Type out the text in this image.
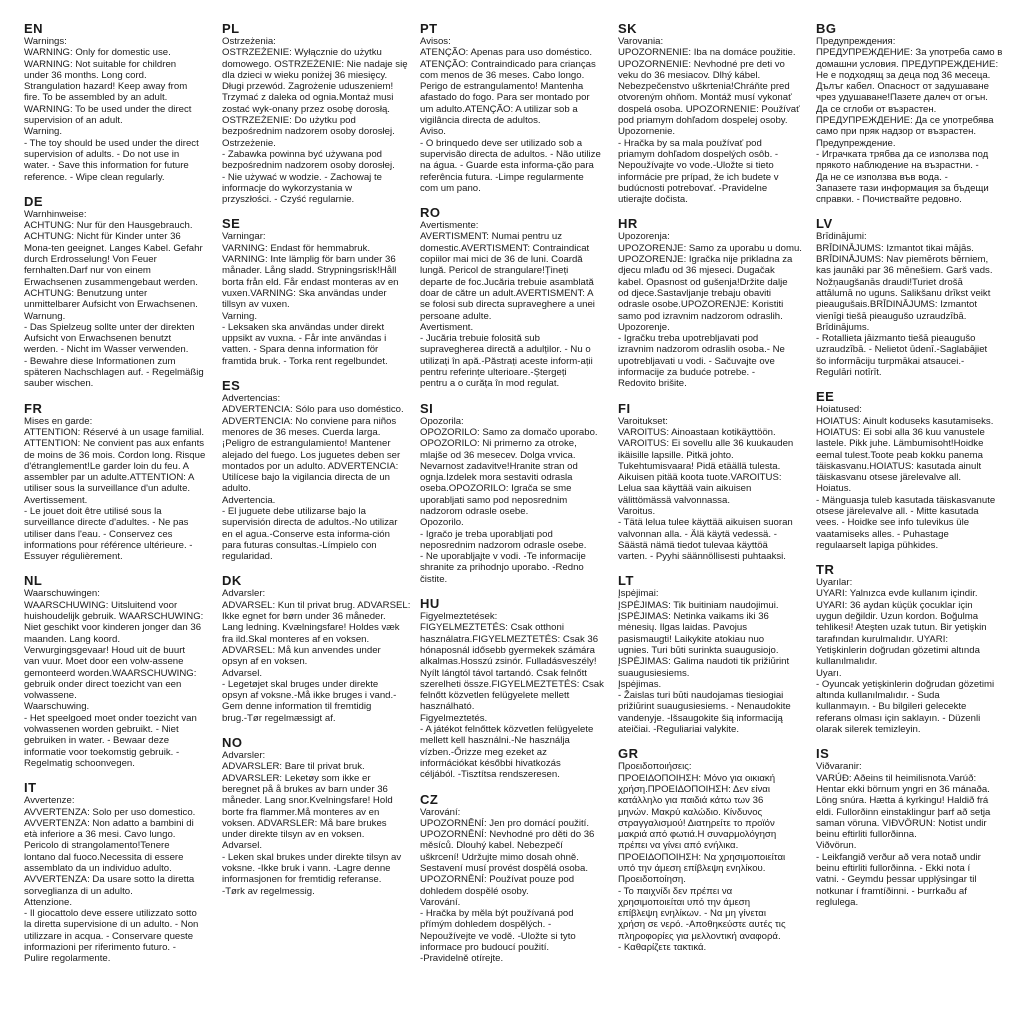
EN
Warnings:
WARNING: Only for domestic use.
WARNING: Not suitable for children
under 36 months. Long cord.
Strangulation hazard! Keep away from
fire. To be assembled by an adult.
WARNING: To be used under the direct
supervision of an adult.
Warning.
- The toy should be used under the direct
supervision of adults. - Do not use in
water. - Save this information for future
reference. - Wipe clean regularly.
DE
Warnhinweise:
ACHTUNG: Nur für den Hausgebrauch.
ACHTUNG: Nicht für Kinder unter 36
Mona-ten geeignet. Langes Kabel. Gefahr
durch Erdrosselung! Von Feuer
fernhalten.Darf nur von einem
Erwachsenen zusammengebaut werden.
ACHTUNG: Benutzung unter
unmittelbarer Aufsicht von Erwachsenen.
Warnung.
- Das Spielzeug sollte unter der direkten
Aufsicht von Erwachsenen benutzt
werden. - Nicht im Wasser verwenden.
- Bewahre diese Informationen zum
späteren Nachschlagen auf. - Regelmäßig
sauber wischen.
FR
Mises en garde:
ATTENTION: Réservé à un usage familial.
ATTENTION: Ne convient pas aux enfants
de moins de 36 mois. Cordon long. Risque
d'étranglement!Le garder loin du feu. A
assembler par un adulte.ATTENTION: A
utiliser sous la surveillance d'un adulte.
Avertissement.
- Le jouet doit être utilisé sous la
surveillance directe d'adultes. - Ne pas
utiliser dans l'eau. - Conservez ces
informations pour référence ultérieure. -
Essuyer régulièrement.
NL
Waarschuwingen:
WAARSCHUWING: Uitsluitend voor
huishoudelijk gebruik. WAARSCHUWING:
Niet geschikt voor kinderen jonger dan 36
maanden. Lang koord.
Verwurgingsgevaar! Houd uit de buurt
van vuur. Moet door een volw-assene
gemonteerd worden.WAARSCHUWING:
gebruik onder direct toezicht van een
volwassene.
Waarschuwing.
- Het speelgoed moet onder toezicht van
volwassenen worden gebruikt. - Niet
gebruiken in water. - Bewaar deze
informatie voor toekomstig gebruik. -
Regelmatig schoonvegen.
IT
Avvertenze:
AVVERTENZA: Solo per uso domestico.
AVVERTENZA: Non adatto a bambini di
età inferiore a 36 mesi. Cavo lungo.
Pericolo di strangolamento!Tenere
lontano dal fuoco.Necessita di essere
assemblato da un individuo adulto.
AVVERTENZA: Da usare sotto la diretta
sorveglianza di un adulto.
Attenzione.
- Il giocattolo deve essere utilizzato sotto
la diretta supervisione di un adulto. - Non
utilizzare in acqua. - Conservare queste
informazioni per riferimento futuro. -
Pulire regolarmente.
PL
Ostrzeżenia:
OSTRZEŻENIE: Wyłącznie do użytku
domowego. OSTRZEŻENIE: Nie nadaje się
dla dzieci w wieku poniżej 36 miesięcy.
Długi przewód. Zagrożenie uduszeniem!
Trzymać z daleka od ognia.Montaż musi
zostać wyk-onany przez osobę dorosłą.
OSTRZEŻENIE: Do użytku pod
bezpośrednim nadzorem osoby dorosłej.
Ostrzeżenie.
- Zabawka powinna być używana pod
bezpośrednim nadzorem osoby dorosłej.
- Nie używać w wodzie. - Zachowaj te
informacje do wykorzystania w
przyszłości. - Czyść regularnie.
SE
Varningar:
VARNING: Endast för hemmabruk.
VARNING: Inte lämplig för barn under 36
månader. Lång sladd. Strypningsrisk!Håll
borta från eld. Får endast monteras av en
vuxen.VARNING: Ska användas under
tillsyn av vuxen.
Varning.
- Leksaken ska användas under direkt
uppsikt av vuxna. - Får inte användas i
vatten. - Spara denna information för
framtida bruk. - Torka rent regelbundet.
ES
Advertencias:
ADVERTENCIA: Sólo para uso doméstico.
ADVERTENCIA: No conviene para niños
menores de 36 meses. Cuerda larga.
¡Peligro de estrangulamiento! Mantener
alejado del fuego. Los juguetes deben ser
montados por un adulto. ADVERTENCIA:
Utilícese bajo la vigilancia directa de un
adulto.
Advertencia.
- El juguete debe utilizarse bajo la
supervisión directa de adultos.-No utilizar
en el agua.-Conserve esta informa-ción
para futuras consultas.-Límpielo con
regularidad.
DK
Advarsler:
ADVARSEL: Kun til privat brug. ADVARSEL:
Ikke egnet for børn under 36 måneder.
Lang ledning. Kvælningsfare! Holdes væk
fra ild.Skal monteres af en voksen.
ADVARSEL: Må kun anvendes under
opsyn af en voksen.
Advarsel.
- Legetøjet skal bruges under direkte
opsyn af voksne.-Må ikke bruges i vand.-
Gem denne information til fremtidig
brug.-Tør regelmæssigt af.
NO
Advarsler:
ADVARSLER: Bare til privat bruk.
ADVARSLER: Leketøy som ikke er
beregnet på å brukes av barn under 36
måneder. Lang snor.Kvelningsfare! Hold
borte fra flammer.Må monteres av en
voksen. ADVARSLER: Må bare brukes
under direkte tilsyn av en voksen.
Advarsel.
- Leken skal brukes under direkte tilsyn av
voksne. -Ikke bruk i vann. -Lagre denne
informasjonen for fremtidig referanse.
-Tørk av regelmessig.
PT
Avisos:
ATENÇÃO: Apenas para uso doméstico.
ATENÇÃO: Contraindicado para crianças
com menos de 36 meses. Cabo longo.
Perigo de estrangulamento! Mantenha
afastado do fogo. Para ser montado por
um adulto.ATENÇÃO: A utilizar sob a
vigilância directa de adultos.
Aviso.
- O brinquedo deve ser utilizado sob a
supervisão directa de adultos. - Não utilize
na água. - Guarde esta informa-ção para
referência futura. -Limpe regularmente
com um pano.
RO
Avertismente:
AVERTISMENT: Numai pentru uz
domestic.AVERTISMENT: Contraindicat
copiilor mai mici de 36 de luni. Coardă
lungă. Pericol de strangulare!Țineți
departe de foc.Jucăria trebuie asamblată
doar de către un adult.AVERTISMENT: A
se folosi sub directa supraveghere a unei
persoane adulte.
Avertisment.
- Jucăria trebuie folosită sub
supravegherea directă a adulților. - Nu o
utilizați în apă.-Păstrați aceste inform-ații
pentru referințe ulterioare.-Ștergeți
pentru a o curăța în mod regulat.
SI
Opozorila:
OPOZORILO: Samo za domačo uporabo.
OPOZORILO: Ni primerno za otroke,
mlajše od 36 mesecev. Dolga vrvica.
Nevarnost zadavitve!Hranite stran od
ognja.Izdelek mora sestaviti odrasla
oseba.OPOZORILO: Igrača se sme
uporabljati samo pod neposrednim
nadzorom odrasle osebe.
Opozorilo.
- Igračo je treba uporabljati pod
neposrednim nadzorom odrasle osebe.
- Ne uporabljajte v vodi. -Te informacije
shranite za prihodnjo uporabo. -Redno
čistite.
HU
Figyelmeztetések:
FIGYELMEZTETÉS: Csak otthoni
használatra.FIGYELMEZTETÉS: Csak 36
hónaposnál idősebb gyermekek számára
alkalmas.Hosszú zsinór. Fulladásveszély!
Nyílt lángtól távol tartandó. Csak felnőtt
szerelheti össze.FIGYELMEZTETÉS: Csak
felnőtt közvetlen felügyelete mellett
használható.
Figyelmeztetés.
- A játékot felnőttek közvetlen felügyelete
mellett kell használni.-Ne használja
vízben.-Őrizze meg ezeket az
információkat későbbi hivatkozás
céljából. -Tisztítsa rendszeresen.
CZ
Varování:
UPOZORNĚNÍ: Jen pro domácí použití.
UPOZORNĚNÍ: Nevhodné pro děti do 36
měsíců. Dlouhý kabel. Nebezpečí
uškrcení! Udržujte mimo dosah ohně.
Sestavení musí provést dospělá osoba.
UPOZORNĚNÍ: Používat pouze pod
dohledem dospělé osoby.
Varování.
- Hračka by měla být používaná pod
přímým dohledem dospělých. -
Nepoužívejte ve vodě. -Uložte si tyto
informace pro budoucí použití.
-Pravidelně otírejte.
SK
Varovania:
UPOZORNENIE: Iba na domáce použitie.
UPOZORNENIE: Nevhodné pre deti vo
veku do 36 mesiacov. Dlhý kábel.
Nebezpečenstvo uškrtenia!Chráňte pred
otvoreným ohňom. Montáž musí vykonať
dospelá osoba. UPOZORNENIE: Používať
pod priamym dohľadom dospelej osoby.
Upozornenie.
- Hračka by sa mala používať pod
priamym dohľadom dospelých osôb. -
Nepoužívajte vo vode.-Uložte si tieto
informácie pre prípad, že ich budete v
budúcnosti potrebovať. -Pravidelne
utierajte dočista.
HR
Upozorenja:
UPOZORENJE: Samo za uporabu u domu.
UPOZORENJE: Igračka nije prikladna za
djecu mlađu od 36 mjeseci. Dugačak
kabel. Opasnost od gušenja!Držite dalje
od djece.Sastavljanje trebaju obaviti
odrasle osobe.UPOZORENJE: Koristiti
samo pod izravnim nadzorom odraslih.
Upozorenje.
- Igračku treba upotrebljavati pod
izravnim nadzorom odraslih osoba.- Ne
upotrebljavati u vodi. - Sačuvajte ove
informacije za buduće potrebe. -
Redovito brišite.
FI
Varoitukset:
VAROITUS: Ainoastaan kotikäyttöön.
VAROITUS: Ei sovellu alle 36 kuukauden
ikäisille lapsille. Pitkä johto.
Tukehtumisvaara! Pidä etäällä tulesta.
Aikuisen pitää koota tuote.VAROITUS:
Lelua saa käyttää vain aikuisen
välittömässä valvonnassa.
Varoitus.
- Tätä lelua tulee käyttää aikuisen suoran
valvonnan alla. - Älä käytä vedessä. -
Säästä nämä tiedot tulevaa käyttöä
varten. - Pyyhi säännöllisesti puhtaaksi.
LT
Įspėjimai:
ĮSPĖJIMAS: Tik buitiniam naudojimui.
ĮSPĖJIMAS: Netinka vaikams iki 36
mėnesių. Ilgas laidas. Pavojus
pasismaugti! Laikykite atokiau nuo
ugnies. Turi būti surinkta suaugusiojo.
ĮSPĖJIMAS: Galima naudoti tik prižiūrint
suaugusiesiems.
Įspėjimas.
- Žaislas turi būti naudojamas tiesiogiai
prižiūrint suaugusiesiems. - Nenaudokite
vandenyje. -Išsaugokite šią informaciją
ateičiai. -Reguliariai valykite.
GR
Προειδοποιήσεις:
ΠΡΟΕΙΔΟΠΟΙΗΣΗ: Μόνο για οικιακή
χρήση.ΠΡΟΕΙΔΟΠΟΙΗΣΗ: Δεν είναι
κατάλληλο για παιδιά κάτω των 36
μηνών. Μακρύ καλώδιο. Κίνδυνος
στραγγαλισμού! Διατηρείτε το προϊόν
μακριά από φωτιά.Η συναρμολόγηση
πρέπει να γίνει από ενήλικα.
ΠΡΟΕΙΔΟΠΟΙΗΣΗ: Να χρησιμοποιείται
υπό την άμεση επίβλεψη ενηλίκου.
Προειδοποίηση.
- Το παιχνίδι δεν πρέπει να
χρησιμοποιείται υπό την άμεση
επίβλεψη ενηλίκων. - Να μη γίνεται
χρήση σε νερό. -Αποθηκεύστε αυτές τις
πληροφορίες για μελλοντική αναφορά.
- Καθαρίζετε τακτικά.
BG
Предупреждения:
ПРЕДУПРЕЖДЕНИЕ: За употреба само в
домашни условия. ПРЕДУПРЕЖДЕНИЕ:
Не е подходящ за деца под 36 месеца.
Дълъг кабел. Опасност от задушаване
чрез удушаване!Пазете далеч от огън.
Да се сглоби от възрастен.
ПРЕДУПРЕЖДЕНИЕ: Да се употребява
само при пряк надзор от възрастен.
Предупреждение.
- Играчката трябва да се използва под
прякото наблюдение на възрастни. -
Да не се използва във вода. -
Запазете тази информация за бъдещи
справки. - Почиствайте редовно.
LV
Brīdinājumi:
BRĪDINĀJUMS: Izmantot tikai mājās.
BRĪDINĀJUMS: Nav piemērots bērniem,
kas jaunāki par 36 mēnešiem. Garš vads.
Nožņaugšanās draudi!Turiet drošā
attālumā no uguns. Salikšanu drīkst veikt
pieaugušais.BRĪDINĀJUMS: Izmantot
vienīgi tiešā pieaugušo uzraudzībā.
Brīdinājums.
- Rotallieta jāizmanto tiešā pieaugušo
uzraudzībā. - Nelietot ūdenī.-Saglabājiet
šo informāciju turpmākai atsaucei.-
Regulāri notīrīt.
EE
Hoiatused:
HOIATUS: Ainult koduseks kasutamiseks.
HOIATUS: Ei sobi alla 36 kuu vanustele
lastele. Pikk juhe. Lämbumisoht!Hoidke
eemal tulest.Toote peab kokku panema
täiskasvanu.HOIATUS: kasutada ainult
täiskasvanu otsese järelevalve all.
Hoiatus.
- Mänguasja tuleb kasutada täiskasvanute
otsese järelevalve all. - Mitte kasutada
vees. - Hoidke see info tulevikus üle
vaatamiseks alles. - Puhastage
regulaarselt lapiga pühkides.
TR
Uyarılar:
UYARI: Yalnızca evde kullanım içindir.
UYARI: 36 aydan küçük çocuklar için
uygun değildir. Uzun kordon. Boğulma
tehlikesi! Ateşten uzak tutun. Bir yetişkin
tarafından kurulmalıdır. UYARI:
Yetişkinlerin doğrudan gözetimi altında
kullanılmalıdır.
Uyarı.
- Oyuncak yetişkinlerin doğrudan gözetimi
altında kullanılmalıdır. - Suda
kullanmayın. - Bu bilgileri gelecekte
referans olması için saklayın. - Düzenli
olarak silerek temizleyin.
IS
Viðvaranir:
VARÚÐ: Aðeins til heimilisnota.Varúð:
Hentar ekki börnum yngri en 36 mánaða.
Löng snúra. Hætta á kyrkingu! Haldið frá
eldi. Fullorðinn einstaklingur þarf að setja
saman vöruna. VIÐVÖRUN: Notist undir
beinu eftirliti fullorðinna.
Viðvörun.
- Leikfangið verður að vera notað undir
beinu eftirliti fullorðinna. - Ekki nota í
vatni. - Geymdu þessar upplýsingar til
notkunar í framtíðinni. - Þurrkaðu af
reglulega.
